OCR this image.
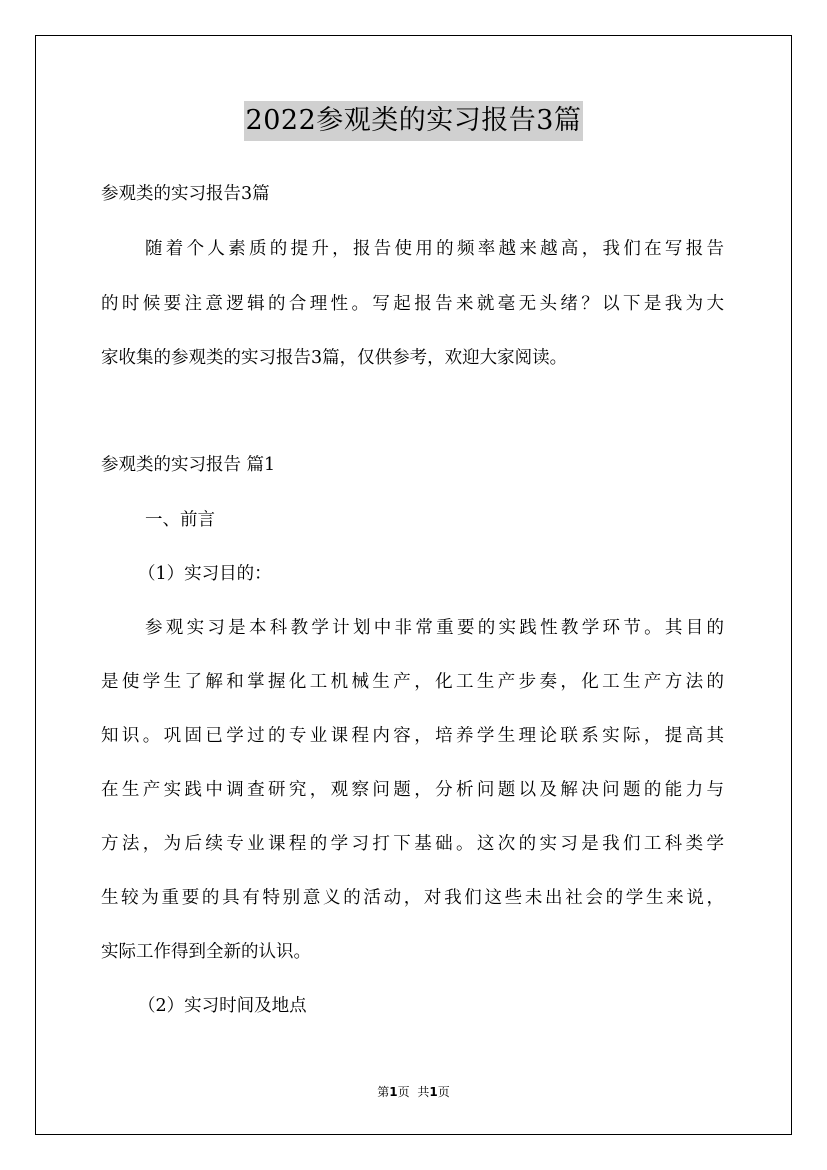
2022参观类的实习报告3篇
参观类的实习报告3篇
随着个人素质的提升，报告使用的频率越来越高，我们在写报告
的时候要注意逻辑的合理性。写起报告来就毫无头绪？以下是我为大
家收集的参观类的实习报告3篇，仅供参考，欢迎大家阅读。
参观类的实习报告 篇1
一、前言
（1）实习目的：
参观实习是本科教学计划中非常重要的实践性教学环节。其目的
是使学生了解和掌握化工机械生产，化工生产步奏，化工生产方法的
知识。巩固已学过的专业课程内容，培养学生理论联系实际，提高其
在生产实践中调查研究，观察问题，分析问题以及解决问题的能力与
方法，为后续专业课程的学习打下基础。这次的实习是我们工科类学
生较为重要的具有特别意义的活动，对我们这些未出社会的学生来说，
实际工作得到全新的认识。
（2）实习时间及地点
第1页 共1页
